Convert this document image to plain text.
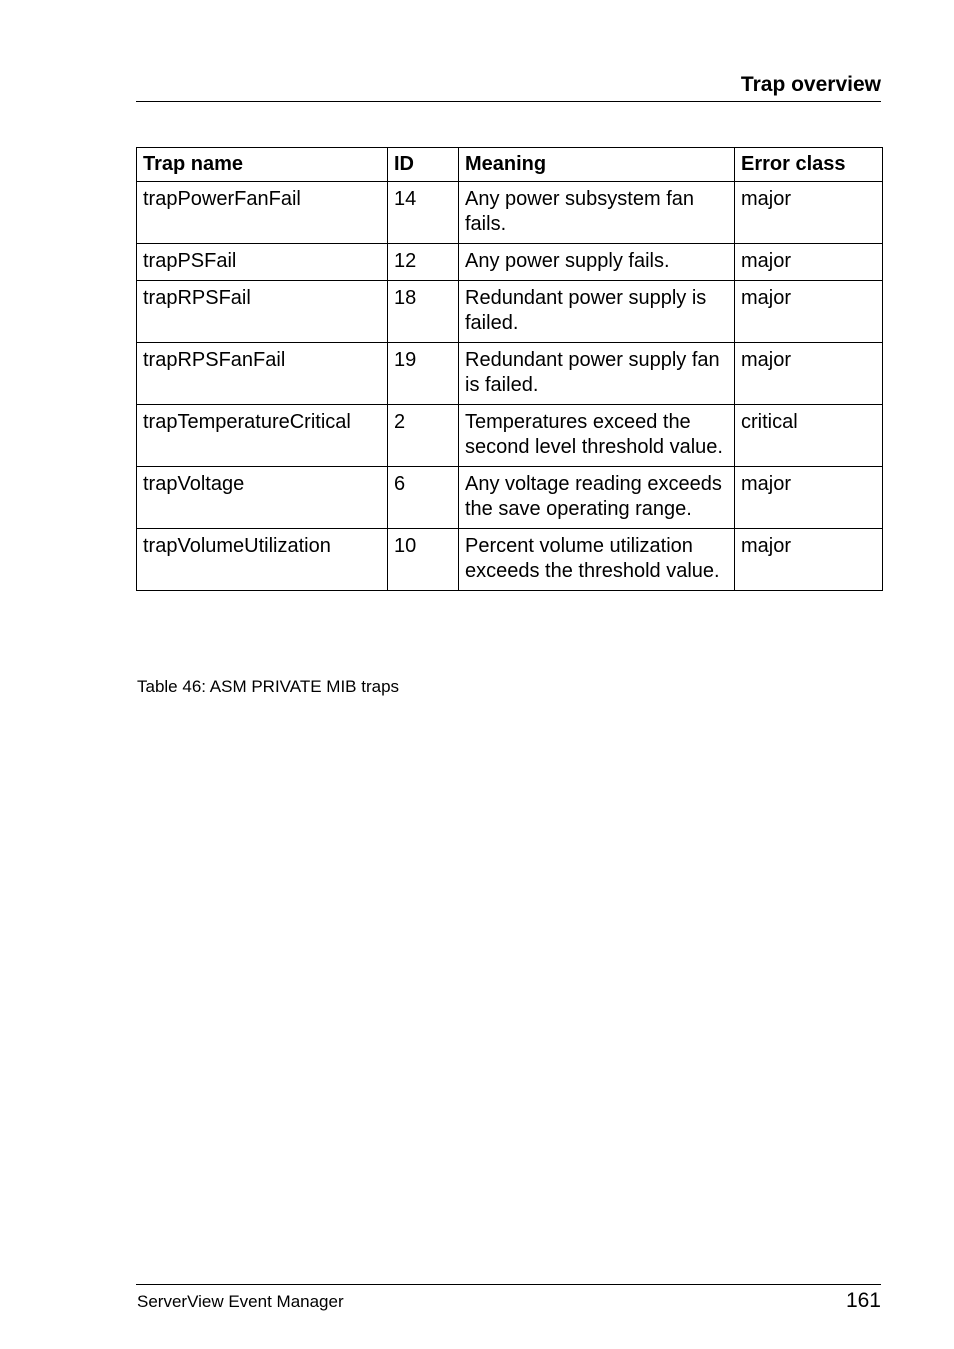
Trap overview
Trap name	ID	Meaning	Error class
trapPowerFanFail	14	Any power subsystem fan fails.	major
trapPSFail	12	Any power supply fails.	major
trapRPSFail	18	Redundant power supply is failed.	major
trapRPSFanFail	19	Redundant power supply fan is failed.	major
trapTemperatureCritical	2	Temperatures exceed the second level threshold value.	critical
trapVoltage	6	Any voltage reading exceeds the save operating range.	major
trapVolumeUtilization	10	Percent volume utilization exceeds the threshold value.	major
Table 46: ASM PRIVATE MIB traps
ServerView Event Manager	161
